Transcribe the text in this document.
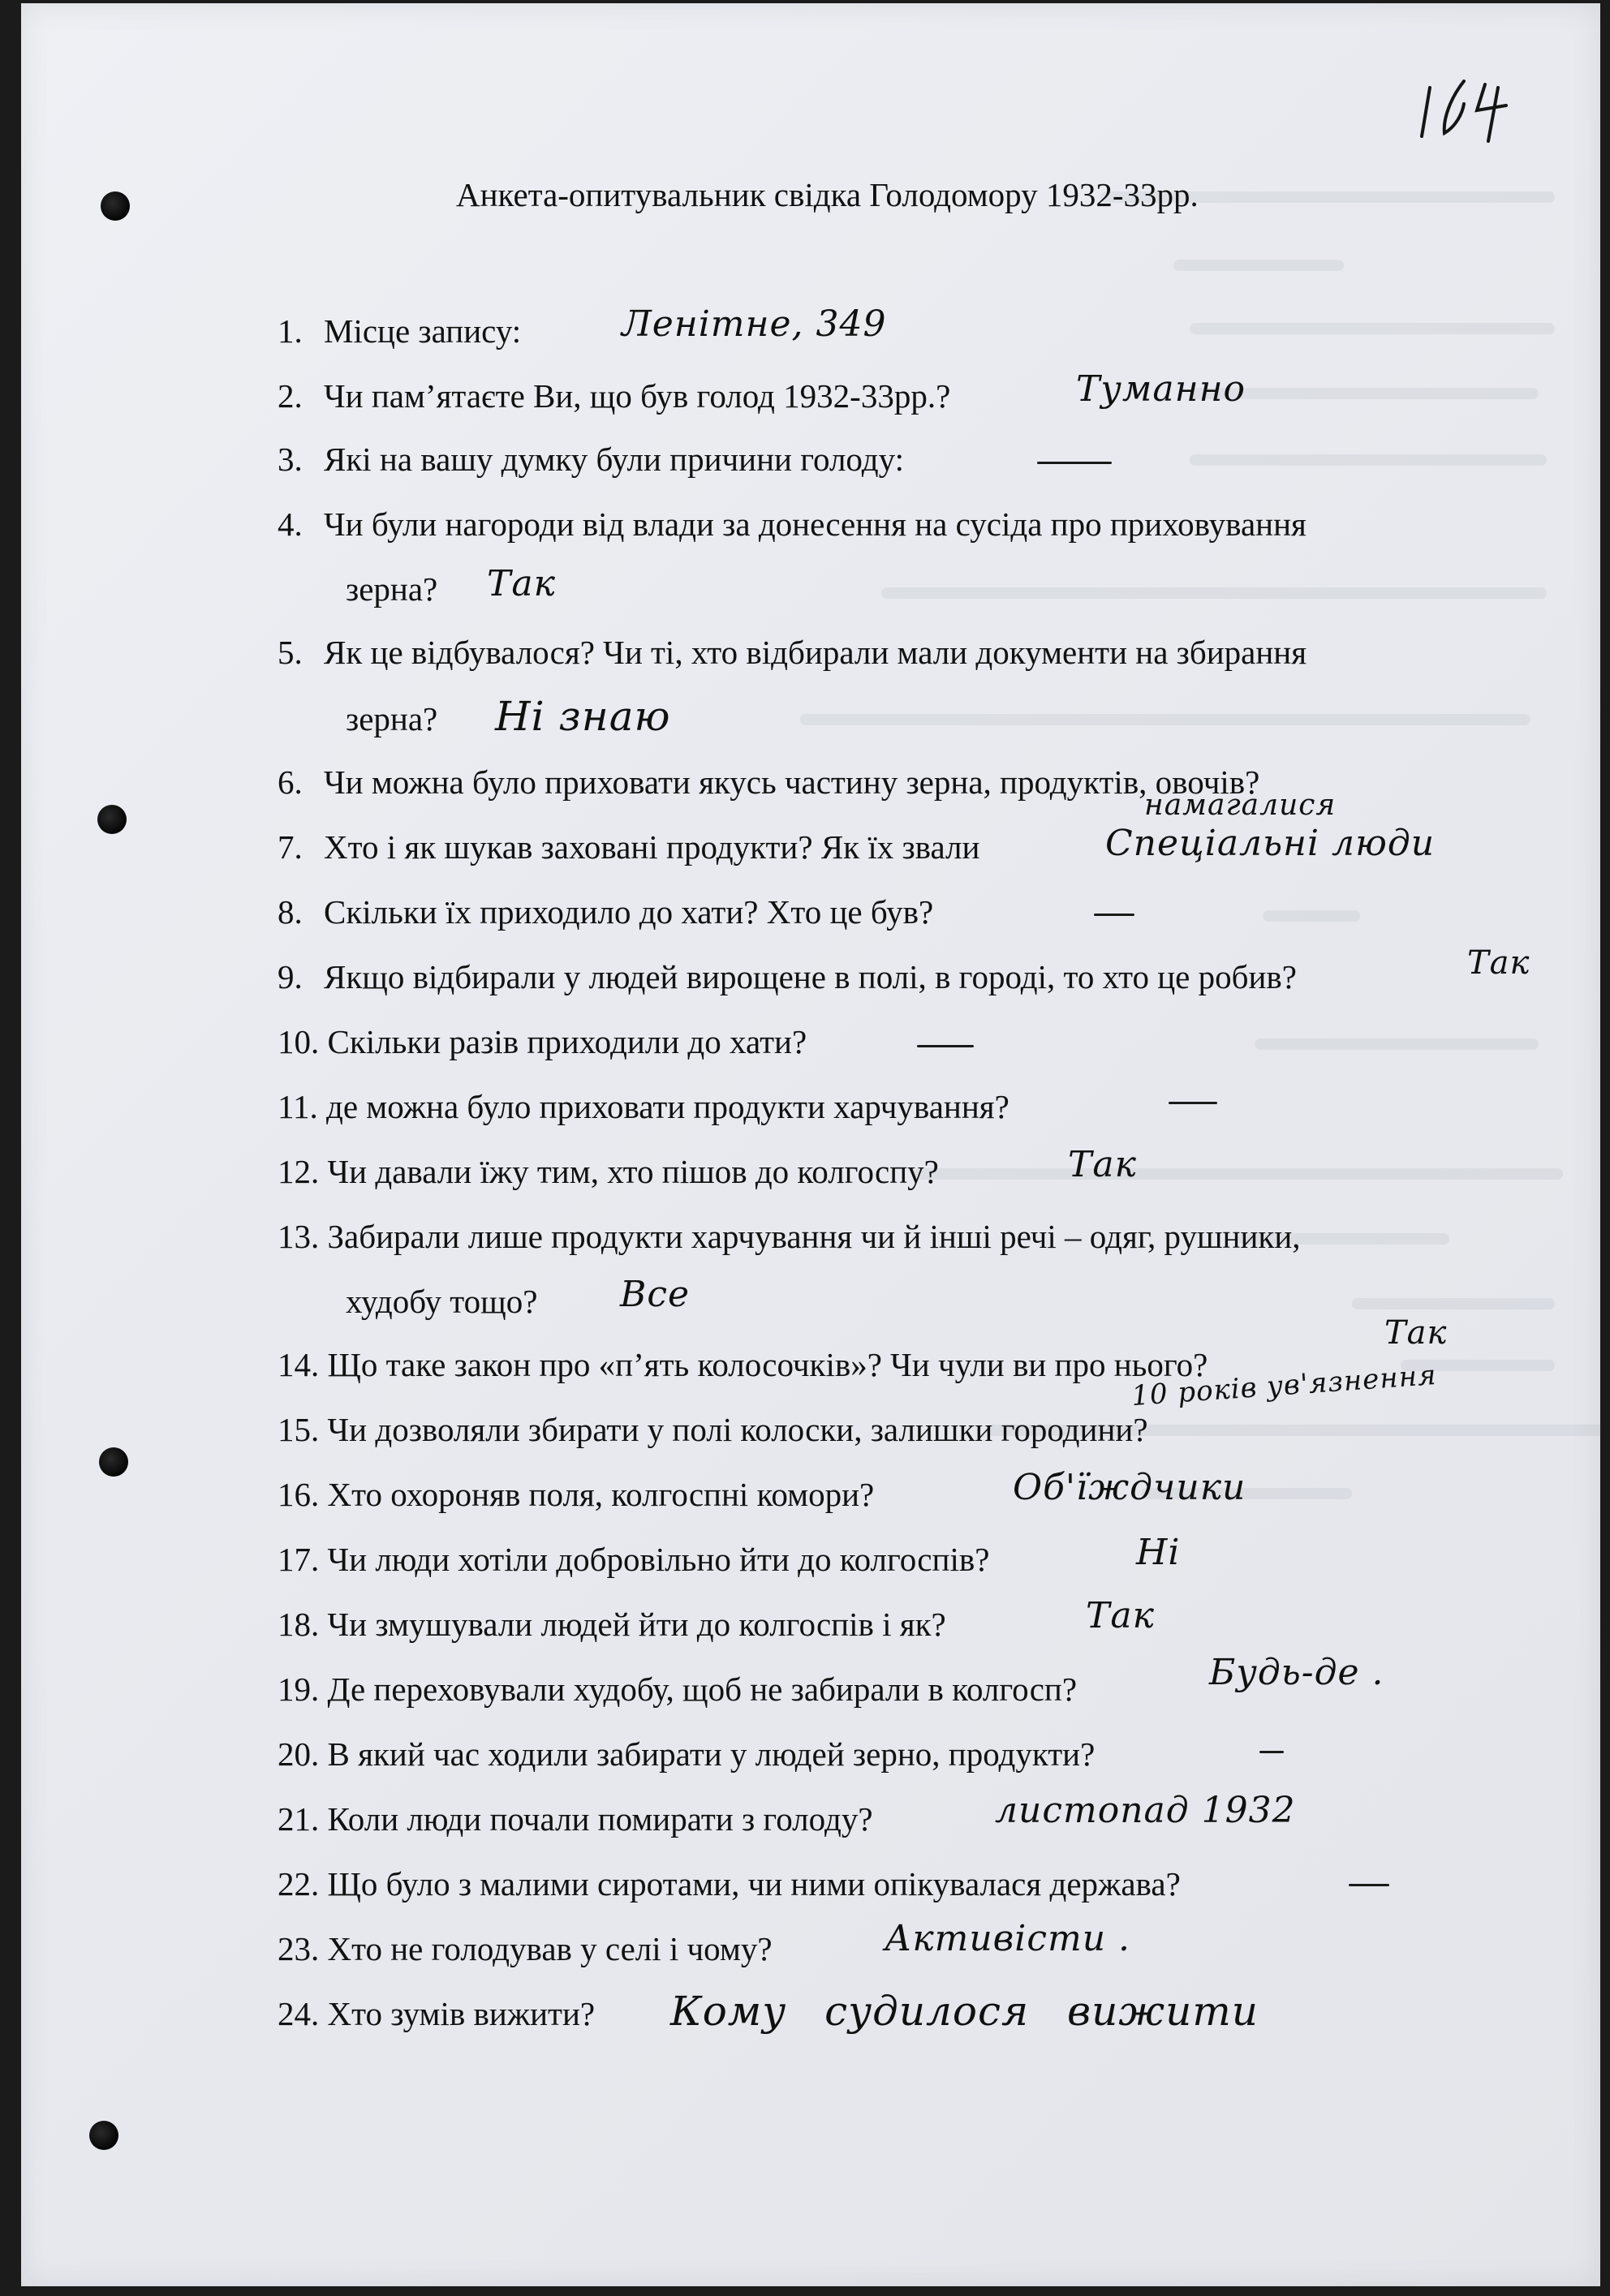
Анкета-опитувальник свідка Голодомору 1932-33рр.
1. Місце запису:	Ленітне, 349
2. Чи пам’ятаєте Ви, що був голод 1932-33рр.?	Туманно
3. Які на вашу думку були причини голоду:
4. Чи були нагороди від влади за донесення на сусіда про приховування
зерна? Так
5. Як це відбувалося? Чи ті, хто відбирали мали документи на збирання
зерна? Ні знаю
6. Чи можна було приховати якусь частину зерна, продуктів, овочів?
7. Хто і як шукав заховані продукти? Як їх звали
намагалися
Спеціальні люди
8. Скільки їх приходило до хати? Хто це був?
9. Якщо відбирали у людей вирощене в полі, в городі, то хто це робив?	Так
10. Скільки разів приходили до хати?
11. де можна було приховати продукти харчування?
12. Чи давали їжу тим, хто пішов до колгоспу?	Так
13. Забирали лише продукти харчування чи й інші речі – одяг, рушники,
худобу тощо? Все
14. Що таке закон про «п’ять колосочків»? Чи чули ви про нього?
Так
15. Чи дозволяли збирати у полі колоски, залишки городини?
10 років ув'язнення
16. Хто охороняв поля, колгоспні комори?	Об'їждчики
17. Чи люди хотіли добровільно йти до колгоспів?	Ні
18. Чи змушували людей йти до колгоспів і як?	Так
19. Де переховували худобу, щоб не забирали в колгосп?	Будь-де .
20. В який час ходили забирати у людей зерно, продукти?
21. Коли люди почали помирати з голоду?	листопад 1932
22. Що було з малими сиротами, чи ними опікувалася держава?
23. Хто не голодував у селі і чому?	Активісти .
24. Хто зумів вижити? Кому судилося вижити
